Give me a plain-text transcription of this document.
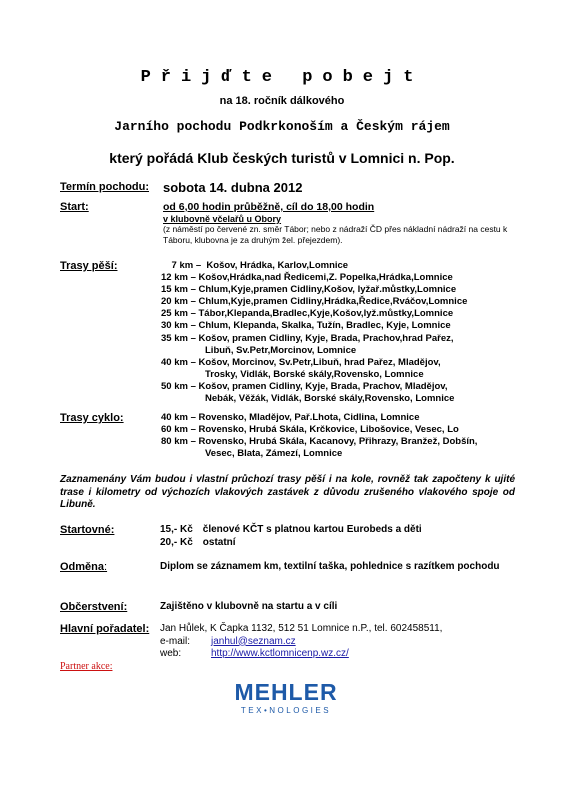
Přijďte pobejt
na 18. ročník dálkového
Jarního pochodu Podkrkonoším a Českým rájem
který pořádá Klub českých turistů v Lomnici n. Pop.
Termín pochodu: sobota 14. dubna 2012
Start:	od 6,00 hodin průběžně, cíl do 18,00 hodin
v klubovně včelařů u Obory
(z náměstí po červené zn. směr Tábor; nebo z nádraží ČD přes nákladní nádraží na cestu k Táboru, klubovna je za druhým žel. přejezdem).
Trasy pěší:	7 km –  Košov, Hrádka, Karlov,Lomnice
12 km – Košov,Hrádka,nad Ředicemi,Z. Popelka,Hrádka,Lomnice
15 km – Chlum,Kyje,pramen Cidliny,Košov, lyžař.můstky,Lomnice
20 km – Chlum,Kyje,pramen Cidliny,Hrádka,Ředice,Rváčov,Lomnice
25 km – Tábor,Klepanda,Bradlec,Kyje,Košov,lyž.můstky,Lomnice
30 km – Chlum, Klepanda, Skalka, Tužín, Bradlec, Kyje, Lomnice
35 km – Košov, pramen Cidliny, Kyje, Brada, Prachov,hrad Pařez,
Libuň, Sv.Petr,Morcinov, Lomnice
40 km – Košov, Morcinov, Sv.Petr,Libuň, hrad Pařez, Mladějov,
Trosky, Vidlák, Borské skály,Rovensko, Lomnice
50 km – Košov, pramen Cidliny, Kyje, Brada, Prachov, Mladějov,
Nebák, Věžák, Vidlák, Borské skály,Rovensko, Lomnice
Trasy cyklo:	40 km – Rovensko, Mladějov, Pař.Lhota, Cidlina, Lomnice
60 km – Rovensko, Hrubá Skála, Krčkovice, Libošovice, Vesec, Lo
80 km – Rovensko, Hrubá Skála, Kacanovy, Přihrazy, Branžež, Dobšín,
Vesec, Blata, Zámezí, Lomnice
Zaznamenány Vám budou i vlastní průchozí trasy pěší i na kole, rovněž tak započteny k ujité trase i kilometry od výchozích vlakových zastávek z důvodu zrušeného vlakového spoje od Libuně.
Startovné:	15,- Kč členové KČT s platnou kartou Eurobeds a děti
20,- Kč ostatní
Odměna:	Diplom se záznamem km, textilní taška, pohlednice s razítkem pochodu
Občerstvení:	Zajištěno v klubovně na startu a v cíli
Hlavní pořadatel: Jan Hůlek, K Čapka 1132, 512 51 Lomnice n.P., tel. 602458511,
e-mail: janhul@seznam.cz
web:	http://www.kctlomnicenp.wz.cz/
Partner akce:
MEHLER
TEX•NOLOGIES
